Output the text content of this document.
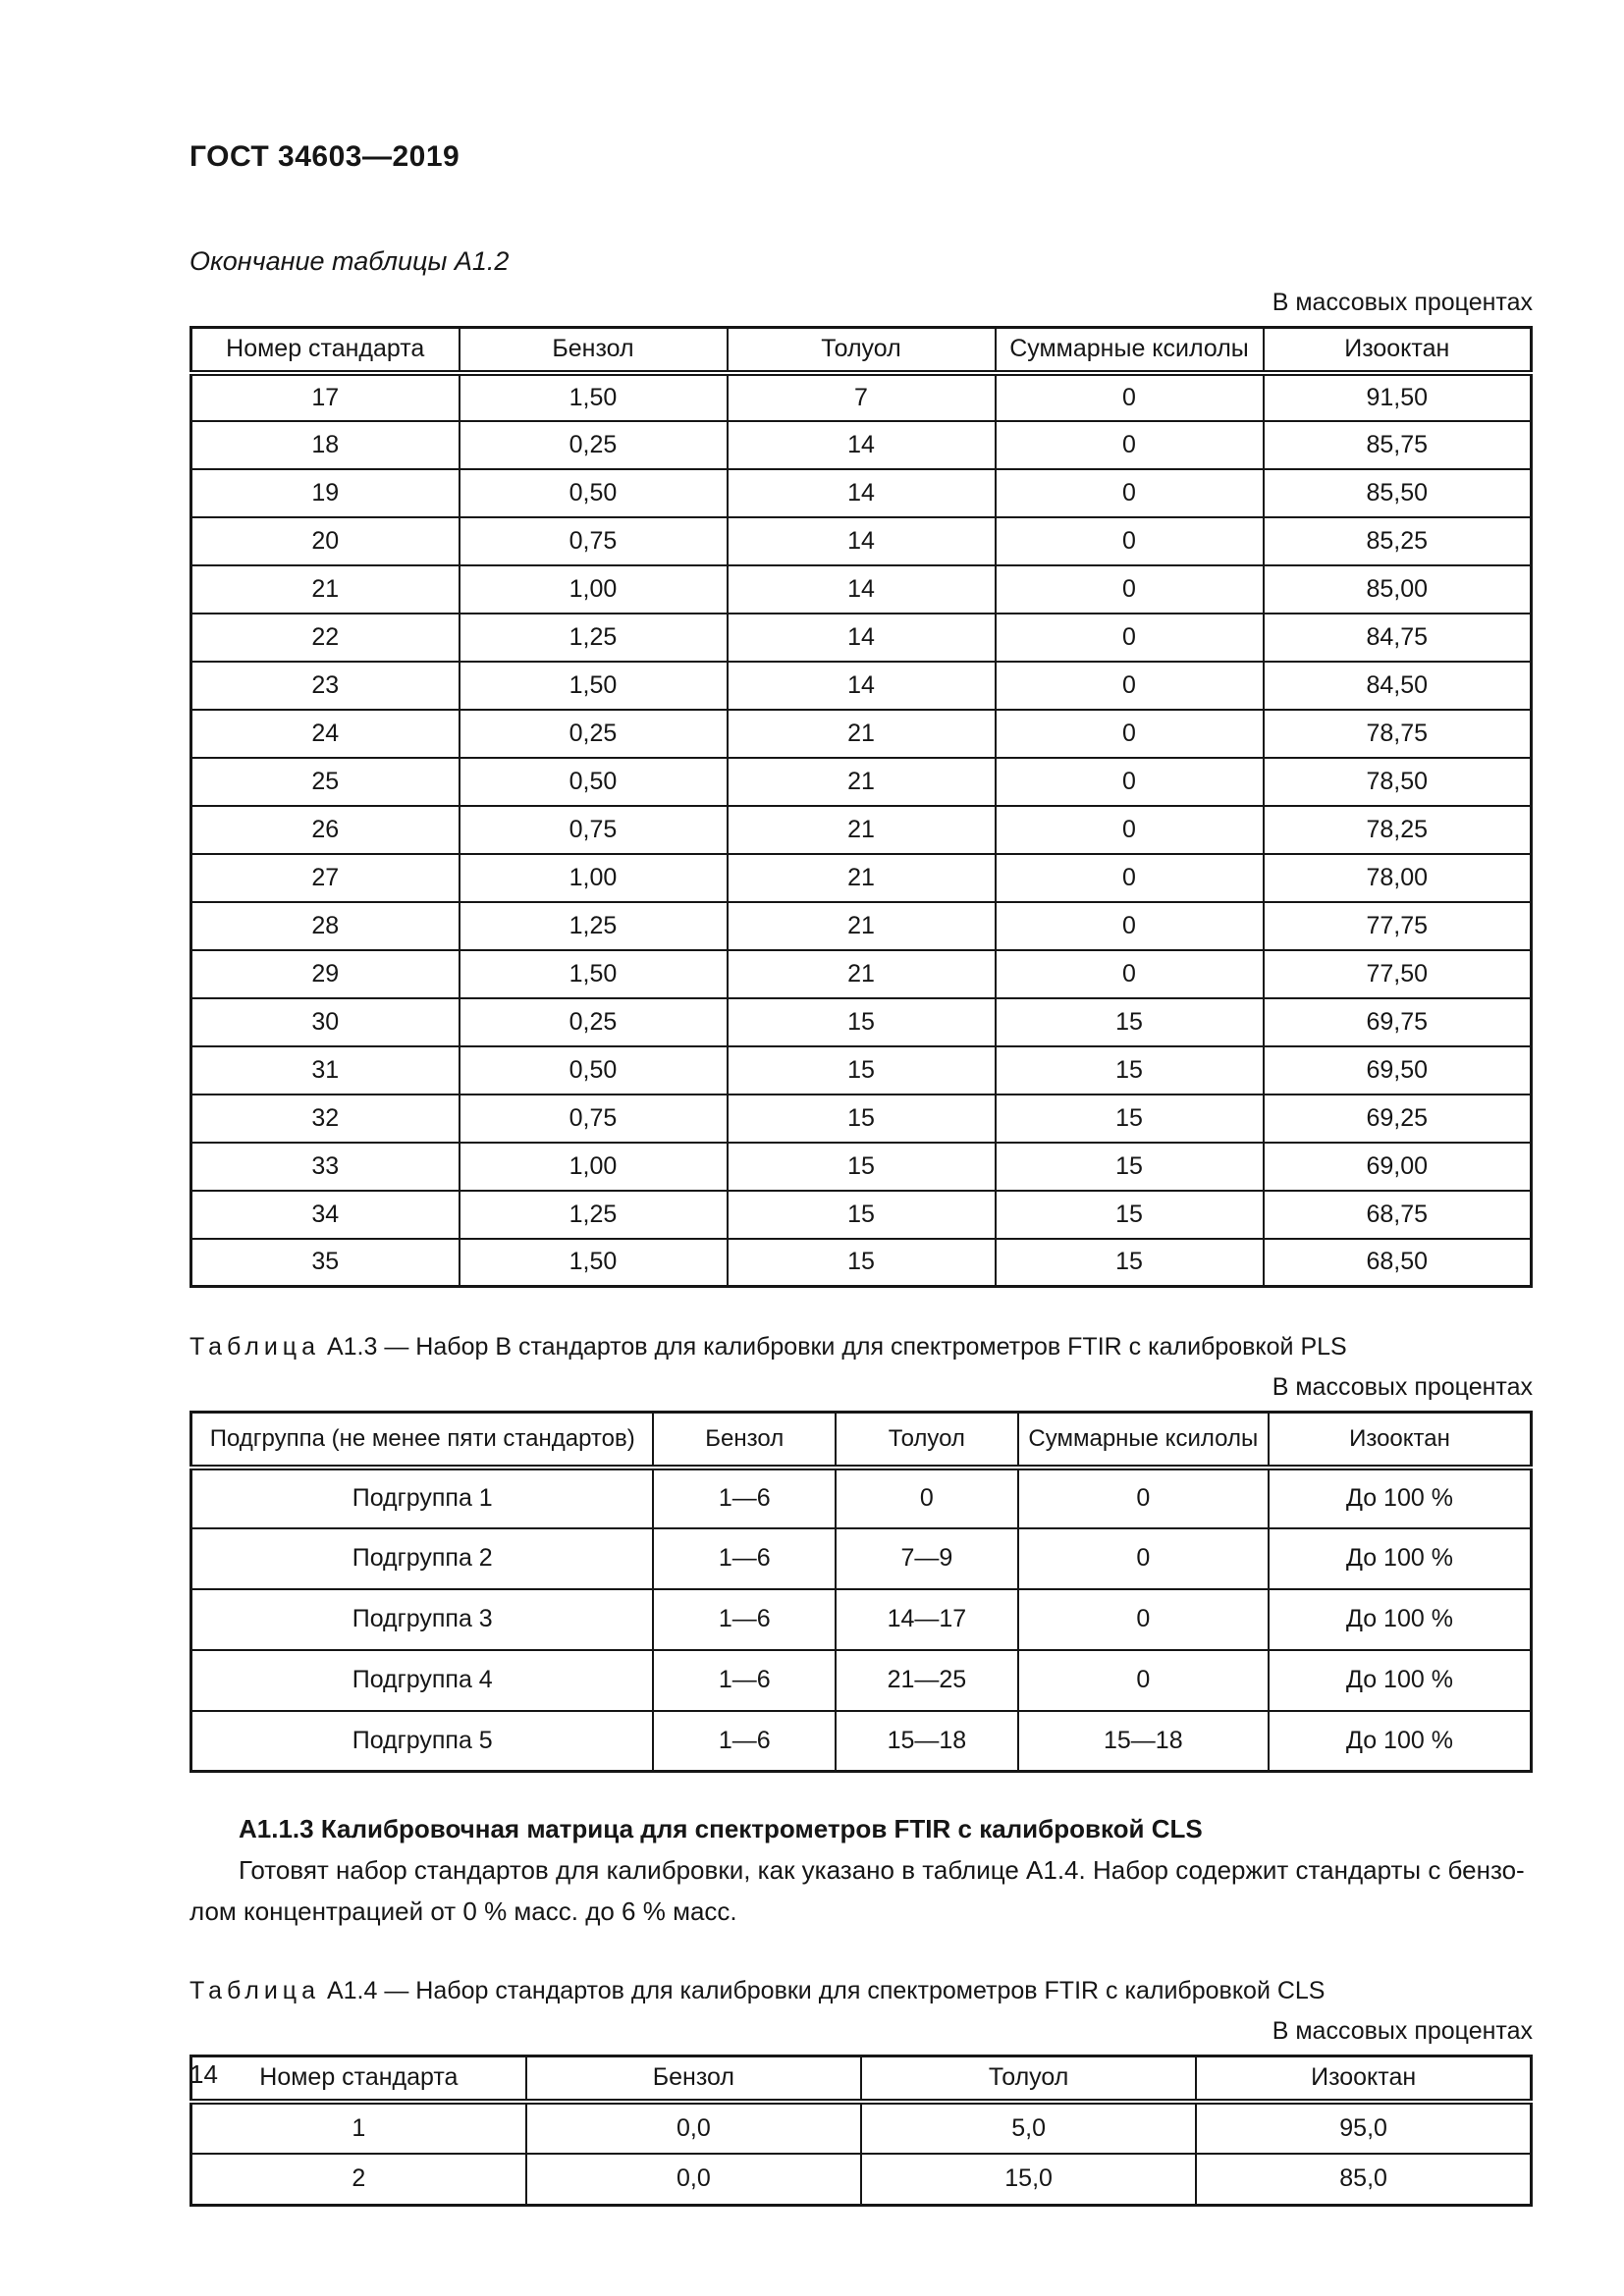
ГОСТ 34603—2019
Окончание таблицы А1.2
В массовых процентах
Номер стандарта	Бензол	Толуол	Суммарные ксилолы	Изооктан
17	1,50	7	0	91,50
18	0,25	14	0	85,75
19	0,50	14	0	85,50
20	0,75	14	0	85,25
21	1,00	14	0	85,00
22	1,25	14	0	84,75
23	1,50	14	0	84,50
24	0,25	21	0	78,75
25	0,50	21	0	78,50
26	0,75	21	0	78,25
27	1,00	21	0	78,00
28	1,25	21	0	77,75
29	1,50	21	0	77,50
30	0,25	15	15	69,75
31	0,50	15	15	69,50
32	0,75	15	15	69,25
33	1,00	15	15	69,00
34	1,25	15	15	68,75
35	1,50	15	15	68,50
Таблица А1.3 — Набор В стандартов для калибровки для спектрометров FTIR с калибровкой PLS
В массовых процентах
Подгруппа (не менее пяти стандартов)	Бензол	Толуол	Суммарные ксилолы	Изооктан
Подгруппа 1	1—6	0	0	До 100 %
Подгруппа 2	1—6	7—9	0	До 100 %
Подгруппа 3	1—6	14—17	0	До 100 %
Подгруппа 4	1—6	21—25	0	До 100 %
Подгруппа 5	1—6	15—18	15—18	До 100 %
А1.1.3 Калибровочная матрица для спектрометров FTIR с калибровкой CLS

Готовят набор стандартов для калибровки, как указано в таблице А1.4. Набор содержит стандарты с бензо-
лом концентрацией от 0 % масс. до 6 % масс.

Таблица А1.4 — Набор стандартов для калибровки для спектрометров FTIR с калибровкой CLS
В массовых процентах
Номер стандарта	Бензол	Толуол	Изооктан
1	0,0	5,0	95,0
2	0,0	15,0	85,0
14
